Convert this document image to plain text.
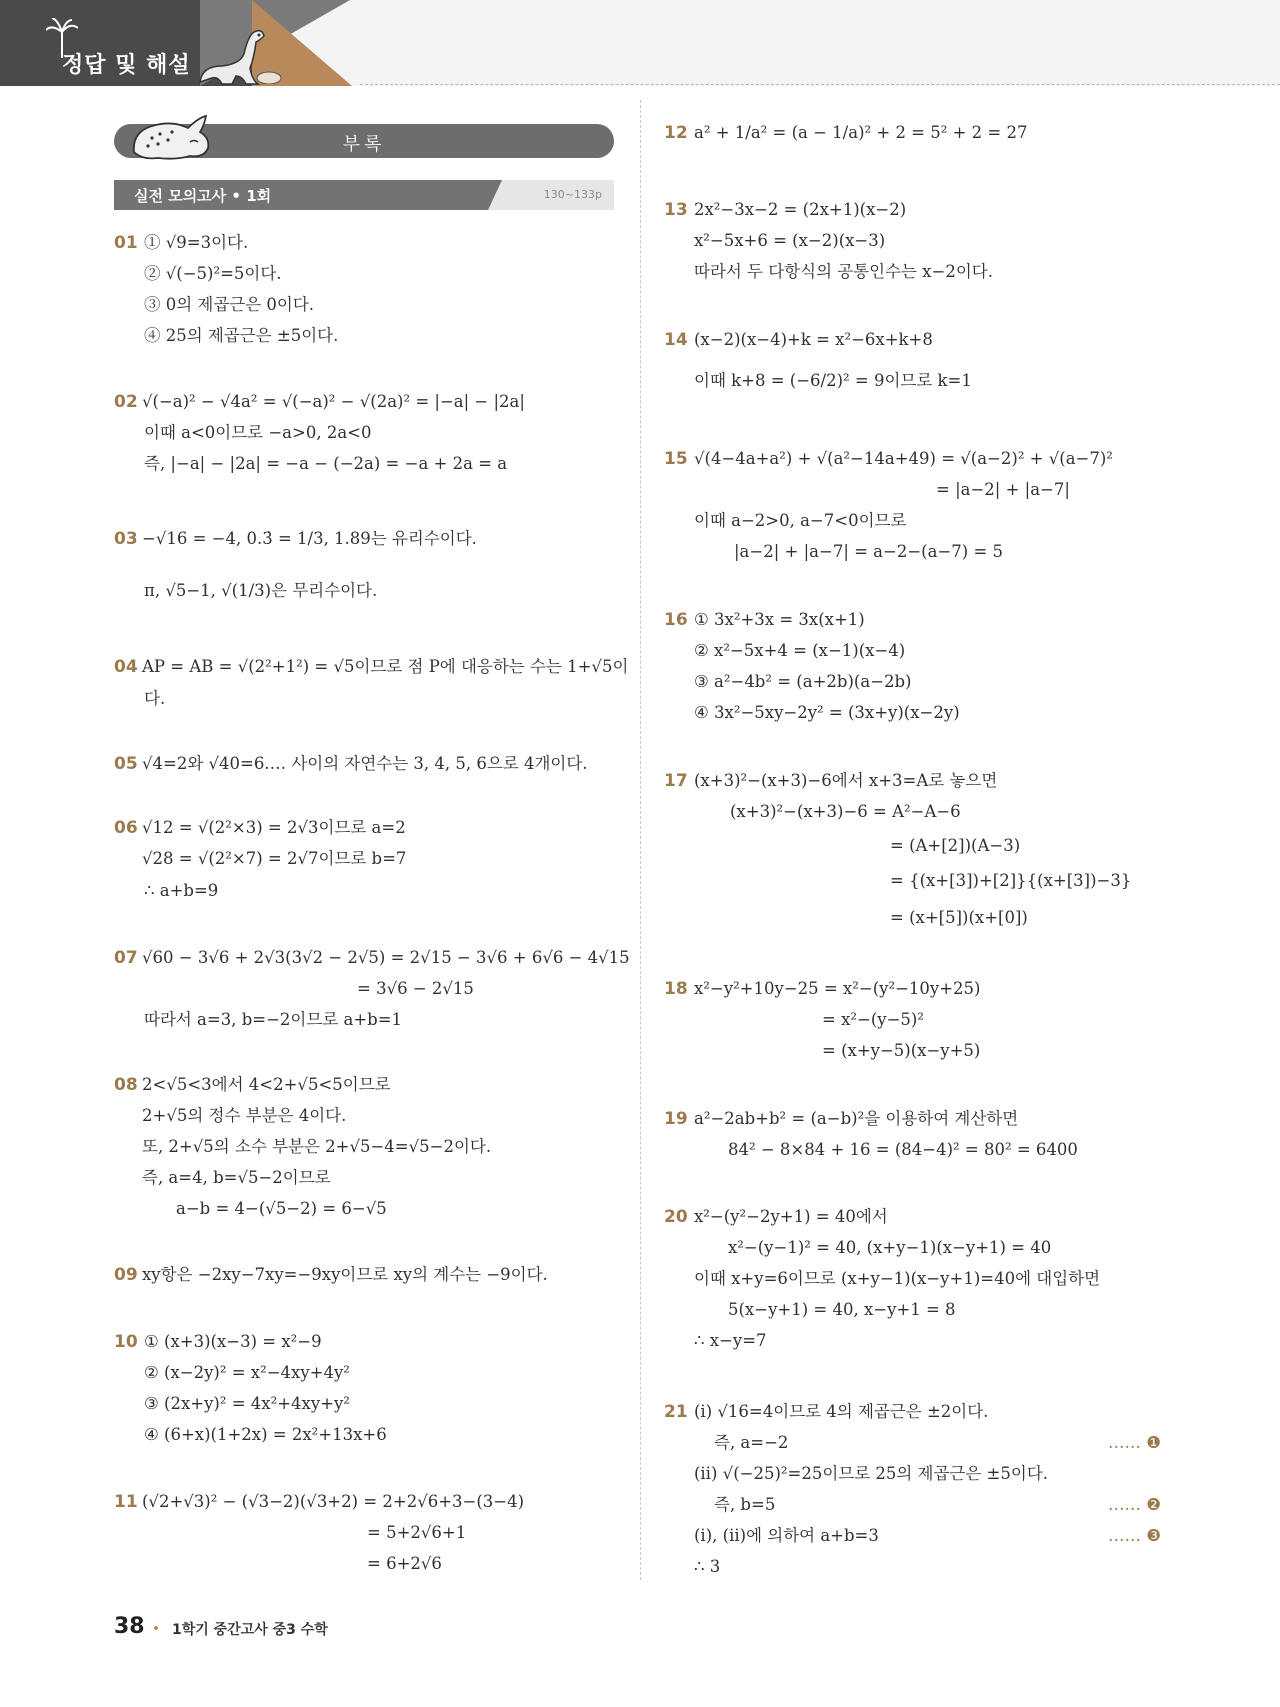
정답 및 해설
부록
실전 모의고사 • 1회	130~133p
01 ① √9=3이다.
② √(−5)²=5이다.
③ 0의 제곱근은 0이다.
④ 25의 제곱근은 ±5이다.
02 √(−a)² − √4a² = √(−a)² − √(2a)² = |−a| − |2a|
이때 a<0이므로 −a>0, 2a<0
즉, |−a| − |2a| = −a − (−2a) = −a + 2a = a
03 −√16 = −4, 0.3̇ = 1/3, 1.89는 유리수이다.
π, √5−1, √(1/3)은 무리수이다.
04 AP = AB = √(2²+1²) = √5이므로 점 P에 대응하는 수는 1+√5이
다.
05 √4=2와 √40=6.… 사이의 자연수는 3, 4, 5, 6으로 4개이다.
06 √12 = √(2²×3) = 2√3이므로 a=2
√28 = √(2²×7) = 2√7이므로 b=7
∴ a+b=9
07 √60 − 3√6 + 2√3(3√2 − 2√5) = 2√15 − 3√6 + 6√6 − 4√15
= 3√6 − 2√15
따라서 a=3, b=−2이므로 a+b=1
08 2<√5<3에서 4<2+√5<5이므로
2+√5의 정수 부분은 4이다.
또, 2+√5의 소수 부분은 2+√5−4=√5−2이다.
즉, a=4, b=√5−2이므로
a−b = 4−(√5−2) = 6−√5
09 xy항은 −2xy−7xy=−9xy이므로 xy의 계수는 −9이다.
10 ① (x+3)(x−3) = x²−9
② (x−2y)² = x²−4xy+4y²
③ (2x+y)² = 4x²+4xy+y²
④ (6+x)(1+2x) = 2x²+13x+6
11 (√2+√3)² − (√3−2)(√3+2) = 2+2√6+3−(3−4)
= 5+2√6+1
= 6+2√6
12 a² + 1/a² = (a − 1/a)² + 2 = 5² + 2 = 27
13 2x²−3x−2 = (2x+1)(x−2)
x²−5x+6 = (x−2)(x−3)
따라서 두 다항식의 공통인수는 x−2이다.
14 (x−2)(x−4)+k = x²−6x+k+8
이때 k+8 = (−6/2)² = 9이므로 k=1
15 √(4−4a+a²) + √(a²−14a+49) = √(a−2)² + √(a−7)²
= |a−2| + |a−7|
이때 a−2>0, a−7<0이므로
|a−2| + |a−7| = a−2−(a−7) = 5
16 ① 3x²+3x = 3x(x+1)
② x²−5x+4 = (x−1)(x−4)
③ a²−4b² = (a+2b)(a−2b)
④ 3x²−5xy−2y² = (3x+y)(x−2y)
17 (x+3)²−(x+3)−6에서 x+3=A로 놓으면
(x+3)²−(x+3)−6 = A²−A−6
= (A+[2])(A−3)
= {(x+[3])+[2]}{(x+[3])−3}
= (x+[5])(x+[0])
18 x²−y²+10y−25 = x²−(y²−10y+25)
= x²−(y−5)²
= (x+y−5)(x−y+5)
19 a²−2ab+b² = (a−b)²을 이용하여 계산하면
84² − 8×84 + 16 = (84−4)² = 80² = 6400
20 x²−(y²−2y+1) = 40에서
x²−(y−1)² = 40, (x+y−1)(x−y+1) = 40
이때 x+y=6이므로 (x+y−1)(x−y+1)=40에 대입하면
5(x−y+1) = 40, x−y+1 = 8
∴ x−y=7
21 (ⅰ) √16=4이므로 4의 제곱근은 ±2이다.
즉, a=−2
(ⅱ) √(−25)²=25이므로 25의 제곱근은 ±5이다.
즉, b=5
(ⅰ), (ⅱ)에 의하여 a+b=3
∴ 3
…… ❶
…… ❷
…… ❸
38 1학기 중간고사 중3 수학
